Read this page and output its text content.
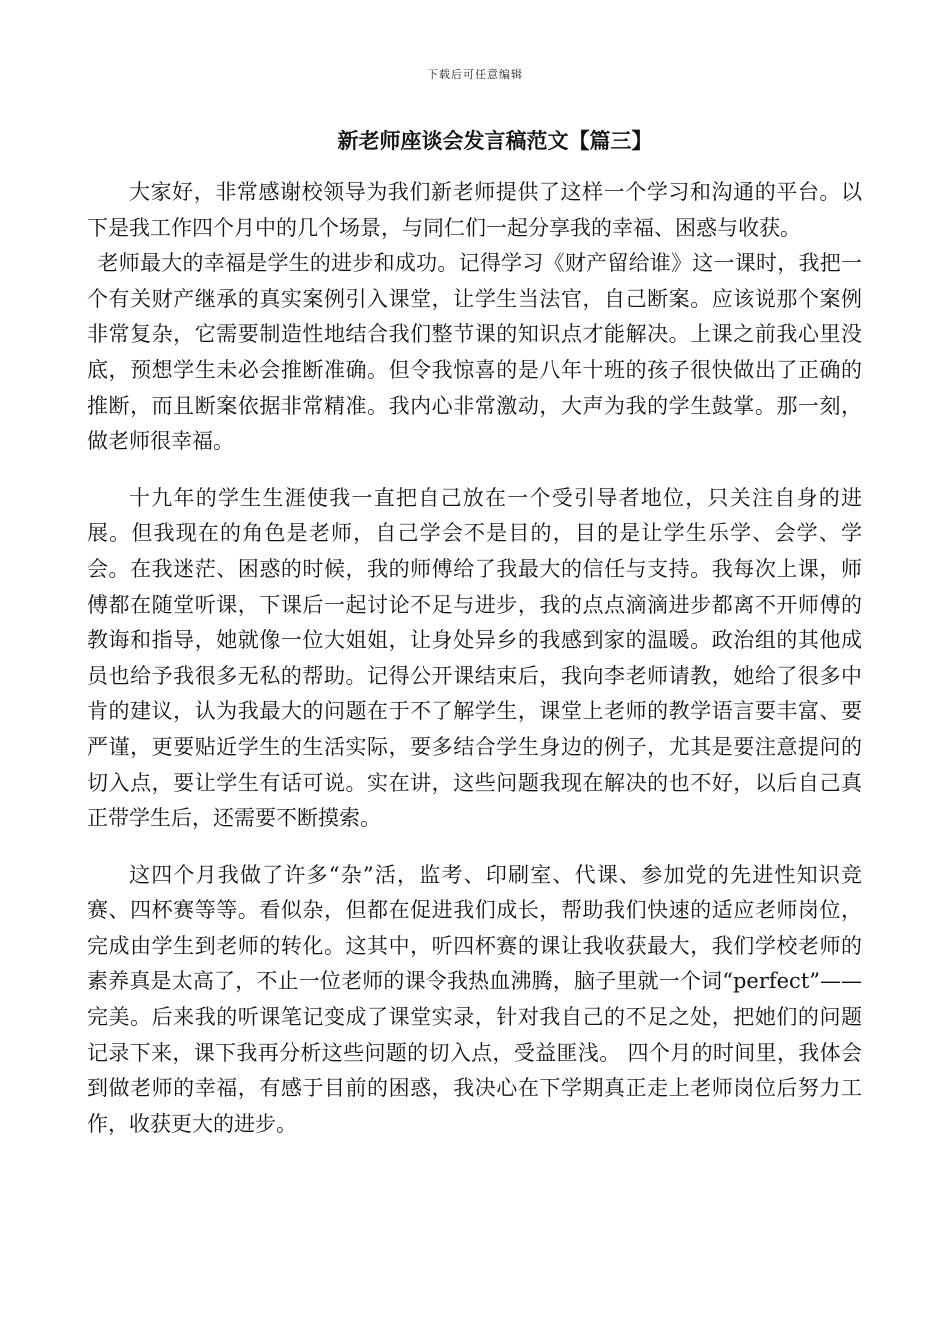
下载后可任意编辑
新老师座谈会发言稿范文【篇三】

大家好，非常感谢校领导为我们新老师提供了这样一个学习和沟通的平台。以下是我工作四个月中的几个场景，与同仁们一起分享我的幸福、困惑与收获。

老师最大的幸福是学生的进步和成功。记得学习《财产留给谁》这一课时，我把一个有关财产继承的真实案例引入课堂，让学生当法官，自己断案。应该说那个案例非常复杂，它需要制造性地结合我们整节课的知识点才能解决。上课之前我心里没底，预想学生未必会推断准确。但令我惊喜的是八年十班的孩子很快做出了正确的推断，而且断案依据非常精准。我内心非常激动，大声为我的学生鼓掌。那一刻，做老师很幸福。

十九年的学生生涯使我一直把自己放在一个受引导者地位，只关注自身的进展。但我现在的角色是老师，自己学会不是目的，目的是让学生乐学、会学、学会。在我迷茫、困惑的时候，我的师傅给了我最大的信任与支持。我每次上课，师傅都在随堂听课，下课后一起讨论不足与进步，我的点点滴滴进步都离不开师傅的教诲和指导，她就像一位大姐姐，让身处异乡的我感到家的温暖。政治组的其他成员也给予我很多无私的帮助。记得公开课结束后，我向李老师请教，她给了很多中肯的建议，认为我最大的问题在于不了解学生，课堂上老师的教学语言要丰富、要严谨，更要贴近学生的生活实际，要多结合学生身边的例子，尤其是要注意提问的切入点，要让学生有话可说。实在讲，这些问题我现在解决的也不好，以后自己真正带学生后，还需要不断摸索。

这四个月我做了许多“杂”活，监考、印刷室、代课、参加党的先进性知识竞赛、四杯赛等等。看似杂，但都在促进我们成长，帮助我们快速的适应老师岗位，完成由学生到老师的转化。这其中，听四杯赛的课让我收获最大，我们学校老师的素养真是太高了，不止一位老师的课令我热血沸腾，脑子里就一个词“perfect”——完美。后来我的听课笔记变成了课堂实录，针对我自己的不足之处，把她们的问题记录下来，课下我再分析这些问题的切入点，受益匪浅。 四个月的时间里，我体会到做老师的幸福，有感于目前的困惑，我决心在下学期真正走上老师岗位后努力工作，收获更大的进步。
